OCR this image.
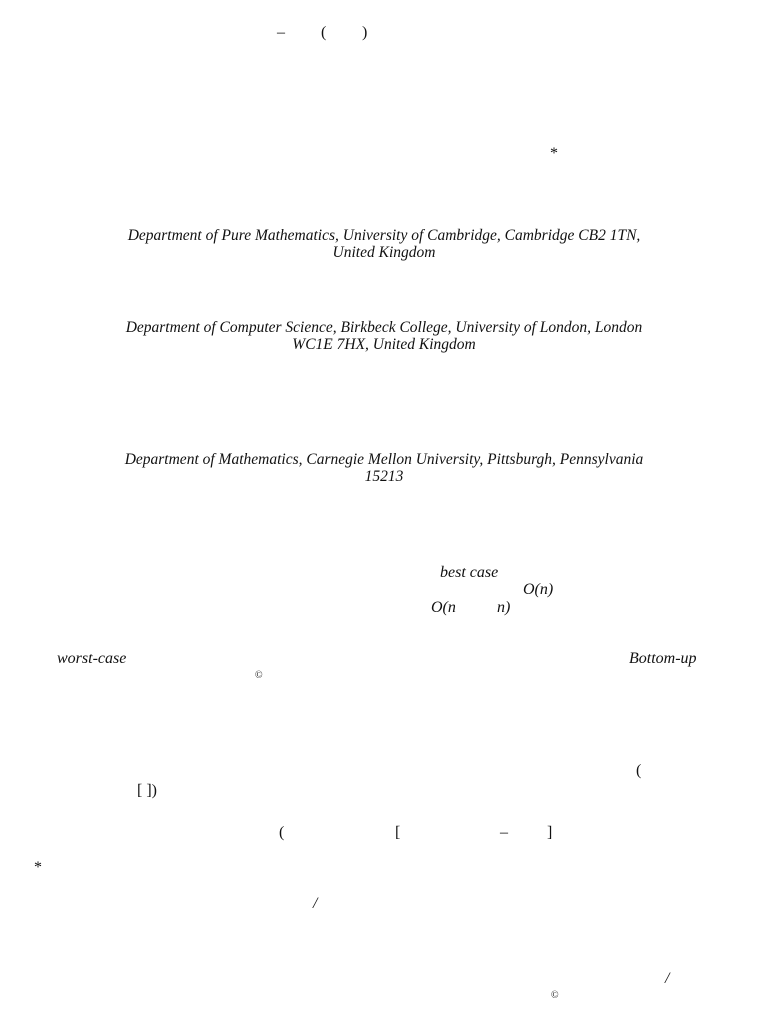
– ( )
*
Department of Pure Mathematics, University of Cambridge, Cambridge CB2 1TN,
United Kingdom
Department of Computer Science, Birkbeck College, University of London, London
WC1E 7HX, United Kingdom
Department of Mathematics, Carnegie Mellon University, Pittsburgh, Pennsylvania
15213
best case
O(n)
O(n	n)
worst-case	Bottom-up
©
(
[ ])
(	[	– ]
*
/
/
©
